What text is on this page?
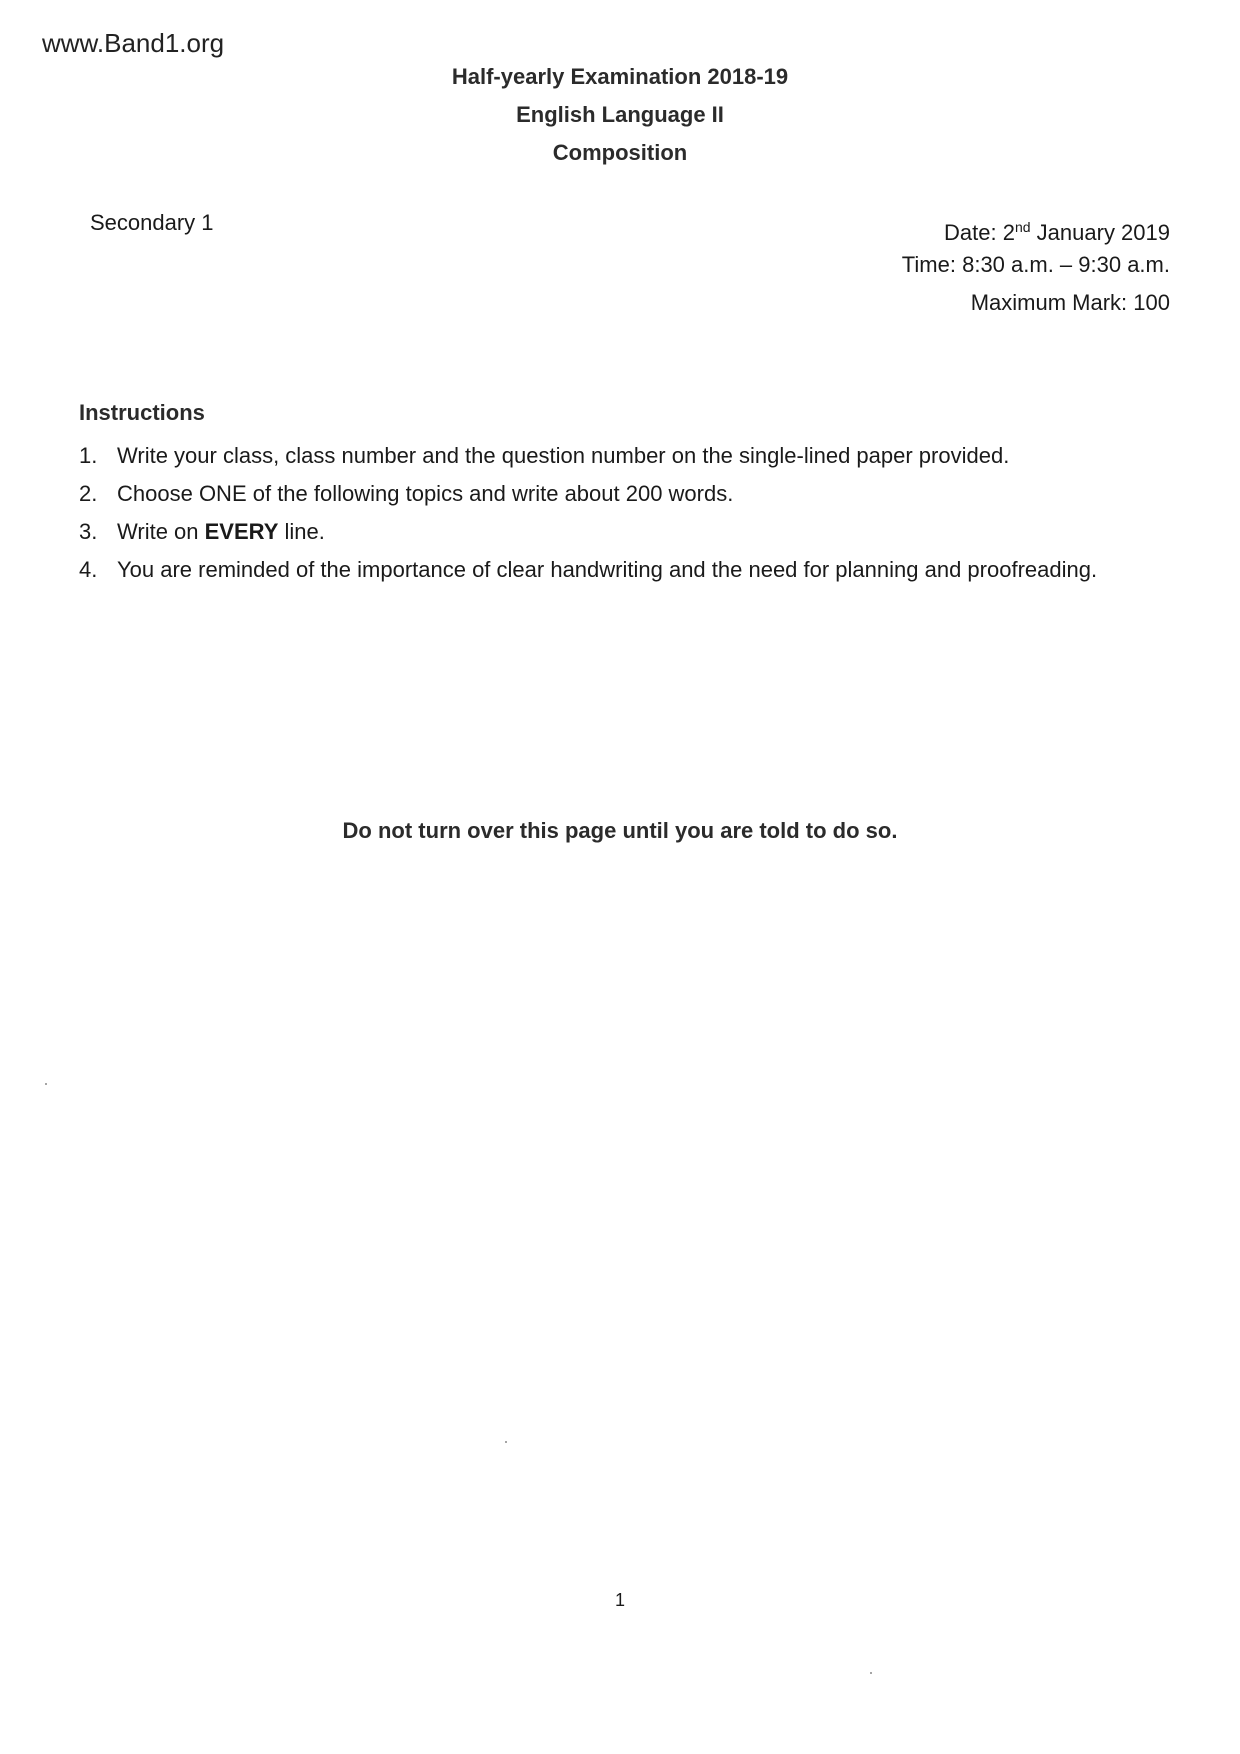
www.Band1.org
Half-yearly Examination 2018-19
English Language II
Composition
Secondary 1	Date: 2nd January 2019
Time: 8:30 a.m. – 9:30 a.m.
Maximum Mark: 100
Instructions
1. Write your class, class number and the question number on the single-lined paper provided.
2. Choose ONE of the following topics and write about 200 words.
3. Write on EVERY line.
4. You are reminded of the importance of clear handwriting and the need for planning and proofreading.
Do not turn over this page until you are told to do so.
1
